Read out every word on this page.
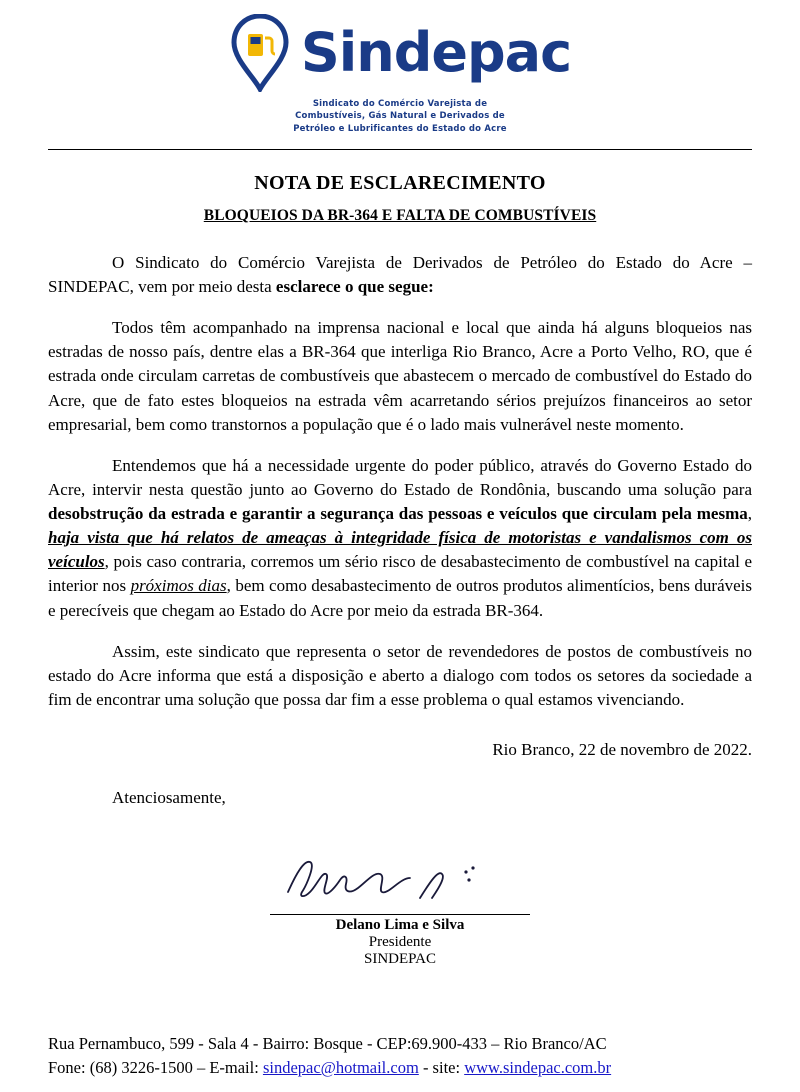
Sindepac
Sindicato do Comércio Varejista de
Combustíveis, Gás Natural e Derivados de
Petróleo e Lubrificantes do Estado do Acre
NOTA DE ESCLARECIMENTO
BLOQUEIOS DA BR-364 E FALTA DE COMBUSTÍVEIS

O Sindicato do Comércio Varejista de Derivados de Petróleo do Estado do Acre – SINDEPAC, vem por meio desta esclarece o que segue:

Todos têm acompanhado na imprensa nacional e local que ainda há alguns bloqueios nas estradas de nosso país, dentre elas a BR-364 que interliga Rio Branco, Acre a Porto Velho, RO, que é estrada onde circulam carretas de combustíveis que abastecem o mercado de combustível do Estado do Acre, que de fato estes bloqueios na estrada vêm acarretando sérios prejuízos financeiros ao setor empresarial, bem como transtornos a população que é o lado mais vulnerável neste momento.

Entendemos que há a necessidade urgente do poder público, através do Governo Estado do Acre, intervir nesta questão junto ao Governo do Estado de Rondônia, buscando uma solução para desobstrução da estrada e garantir a segurança das pessoas e veículos que circulam pela mesma, haja vista que há relatos de ameaças à integridade física de motoristas e vandalismos com os veículos, pois caso contraria, corremos um sério risco de desabastecimento de combustível na capital e interior nos próximos dias, bem como desabastecimento de outros produtos alimentícios, bens duráveis e perecíveis que chegam ao Estado do Acre por meio da estrada BR-364.

Assim, este sindicato que representa o setor de revendedores de postos de combustíveis no estado do Acre informa que está a disposição e aberto a dialogo com todos os setores da sociedade a fim de encontrar uma solução que possa dar fim a esse problema o qual estamos vivenciando.

Rio Branco, 22 de novembro de 2022.
Atenciosamente,
Delano Lima e Silva
Presidente
SINDEPAC
Rua Pernambuco, 599 - Sala 4 - Bairro: Bosque - CEP:69.900-433 – Rio Branco/AC
Fone: (68) 3226-1500 – E-mail: sindepac@hotmail.com - site: www.sindepac.com.br
